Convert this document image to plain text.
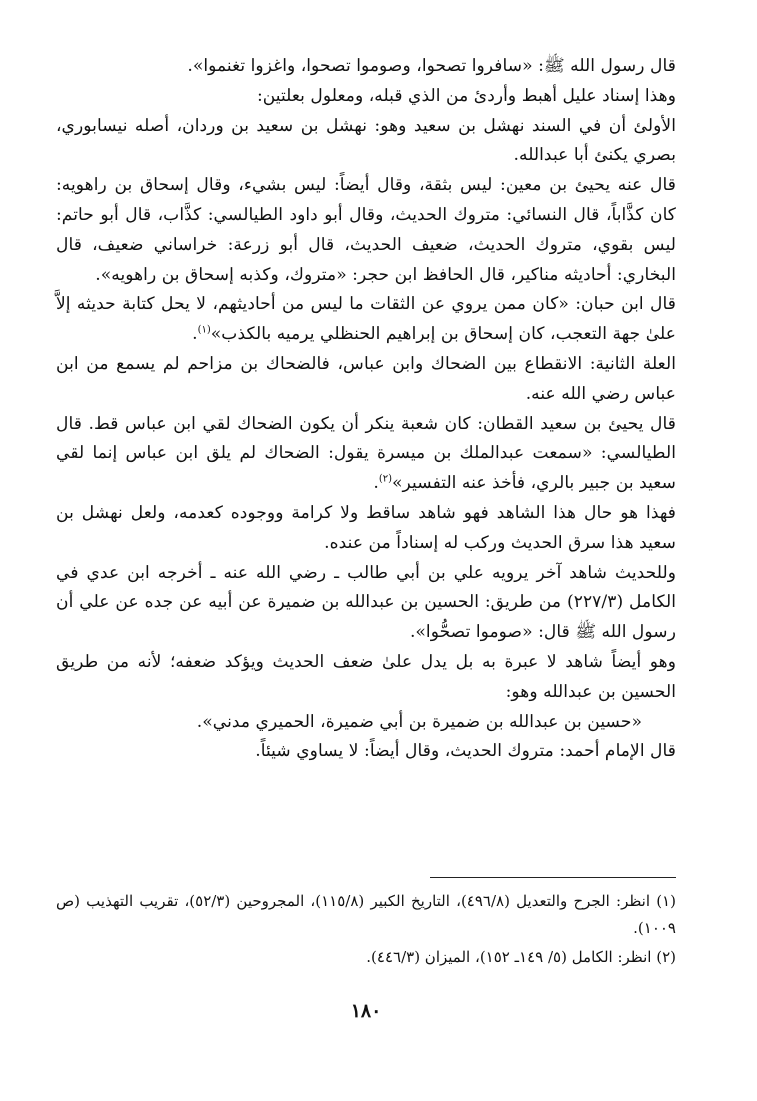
قال رسول الله ﷺ: «سافروا تصحوا، وصوموا تصحوا، واغزوا تغنموا».

وهذا إسناد عليل أهبط وأردئ من الذي قبله، ومعلول بعلتين:

الأولئ أن في السند نهشل بن سعيد وهو: نهشل بن سعيد بن وردان، أصله نيسابوري، بصري يكنئ أبا عبدالله.

قال عنه يحيئ بن معين: ليس بثقة، وقال أيضاً: ليس بشيء، وقال إسحاق بن راهويه: كان كذَّاباً، قال النسائي: متروك الحديث، وقال أبو داود الطيالسي: كذَّاب، قال أبو حاتم: ليس بقوي، متروك الحديث، ضعيف الحديث، قال أبو زرعة: خراساني ضعيف، قال البخاري: أحاديثه مناكير، قال الحافظ ابن حجر: «متروك، وكذبه إسحاق بن راهويه».

قال ابن حبان: «كان ممن يروي عن الثقات ما ليس من أحاديثهم، لا يحل كتابة حديثه إلاَّ علىٰ جهة التعجب، كان إسحاق بن إبراهيم الحنظلي يرميه بالكذب»$^{(١)}$.

العلة الثانية: الانقطاع بين الضحاك وابن عباس، فالضحاك بن مزاحم لم يسمع من ابن عباس رضي الله عنه.

قال يحيئ بن سعيد القطان: كان شعبة ينكر أن يكون الضحاك لقي ابن عباس قط. قال الطيالسي: «سمعت عبدالملك بن ميسرة يقول: الضحاك لم يلق ابن عباس إنما لقي سعيد بن جبير بالري، فأخذ عنه التفسير»$^{(٢)}$.

فهذا هو حال هذا الشاهد فهو شاهد ساقط ولا كرامة ووجوده كعدمه، ولعل نهشل بن سعيد هذا سرق الحديث وركب له إسناداً من عنده.

وللحديث شاهد آخر يرويه علي بن أبي طالب ـ رضي الله عنه ـ أخرجه ابن عدي في الكامل (٢٢٧/٣) من طريق: الحسين بن عبدالله بن ضميرة عن أبيه عن جده عن علي أن رسول الله ﷺ قال: «صوموا تصحُّوا».

وهو أيضاً شاهد لا عبرة به بل يدل علىٰ ضعف الحديث ويؤكد ضعفه؛ لأنه من طريق الحسين بن عبدالله وهو:

«حسين بن عبدالله بن ضميرة بن أبي ضميرة، الحميري مدني».

قال الإمام أحمد: متروك الحديث، وقال أيضاً: لا يساوي شيئاً.

(١) انظر: الجرح والتعديل (٤٩٦/٨)، التاريخ الكبير (١١٥/٨)، المجروحين (٥٢/٣)، تقريب التهذيب (ص ١٠٠٩).

(٢) انظر: الكامل (٥/ ١٤٩ـ ١٥٢)، الميزان (٤٤٦/٣).

١٨٠
